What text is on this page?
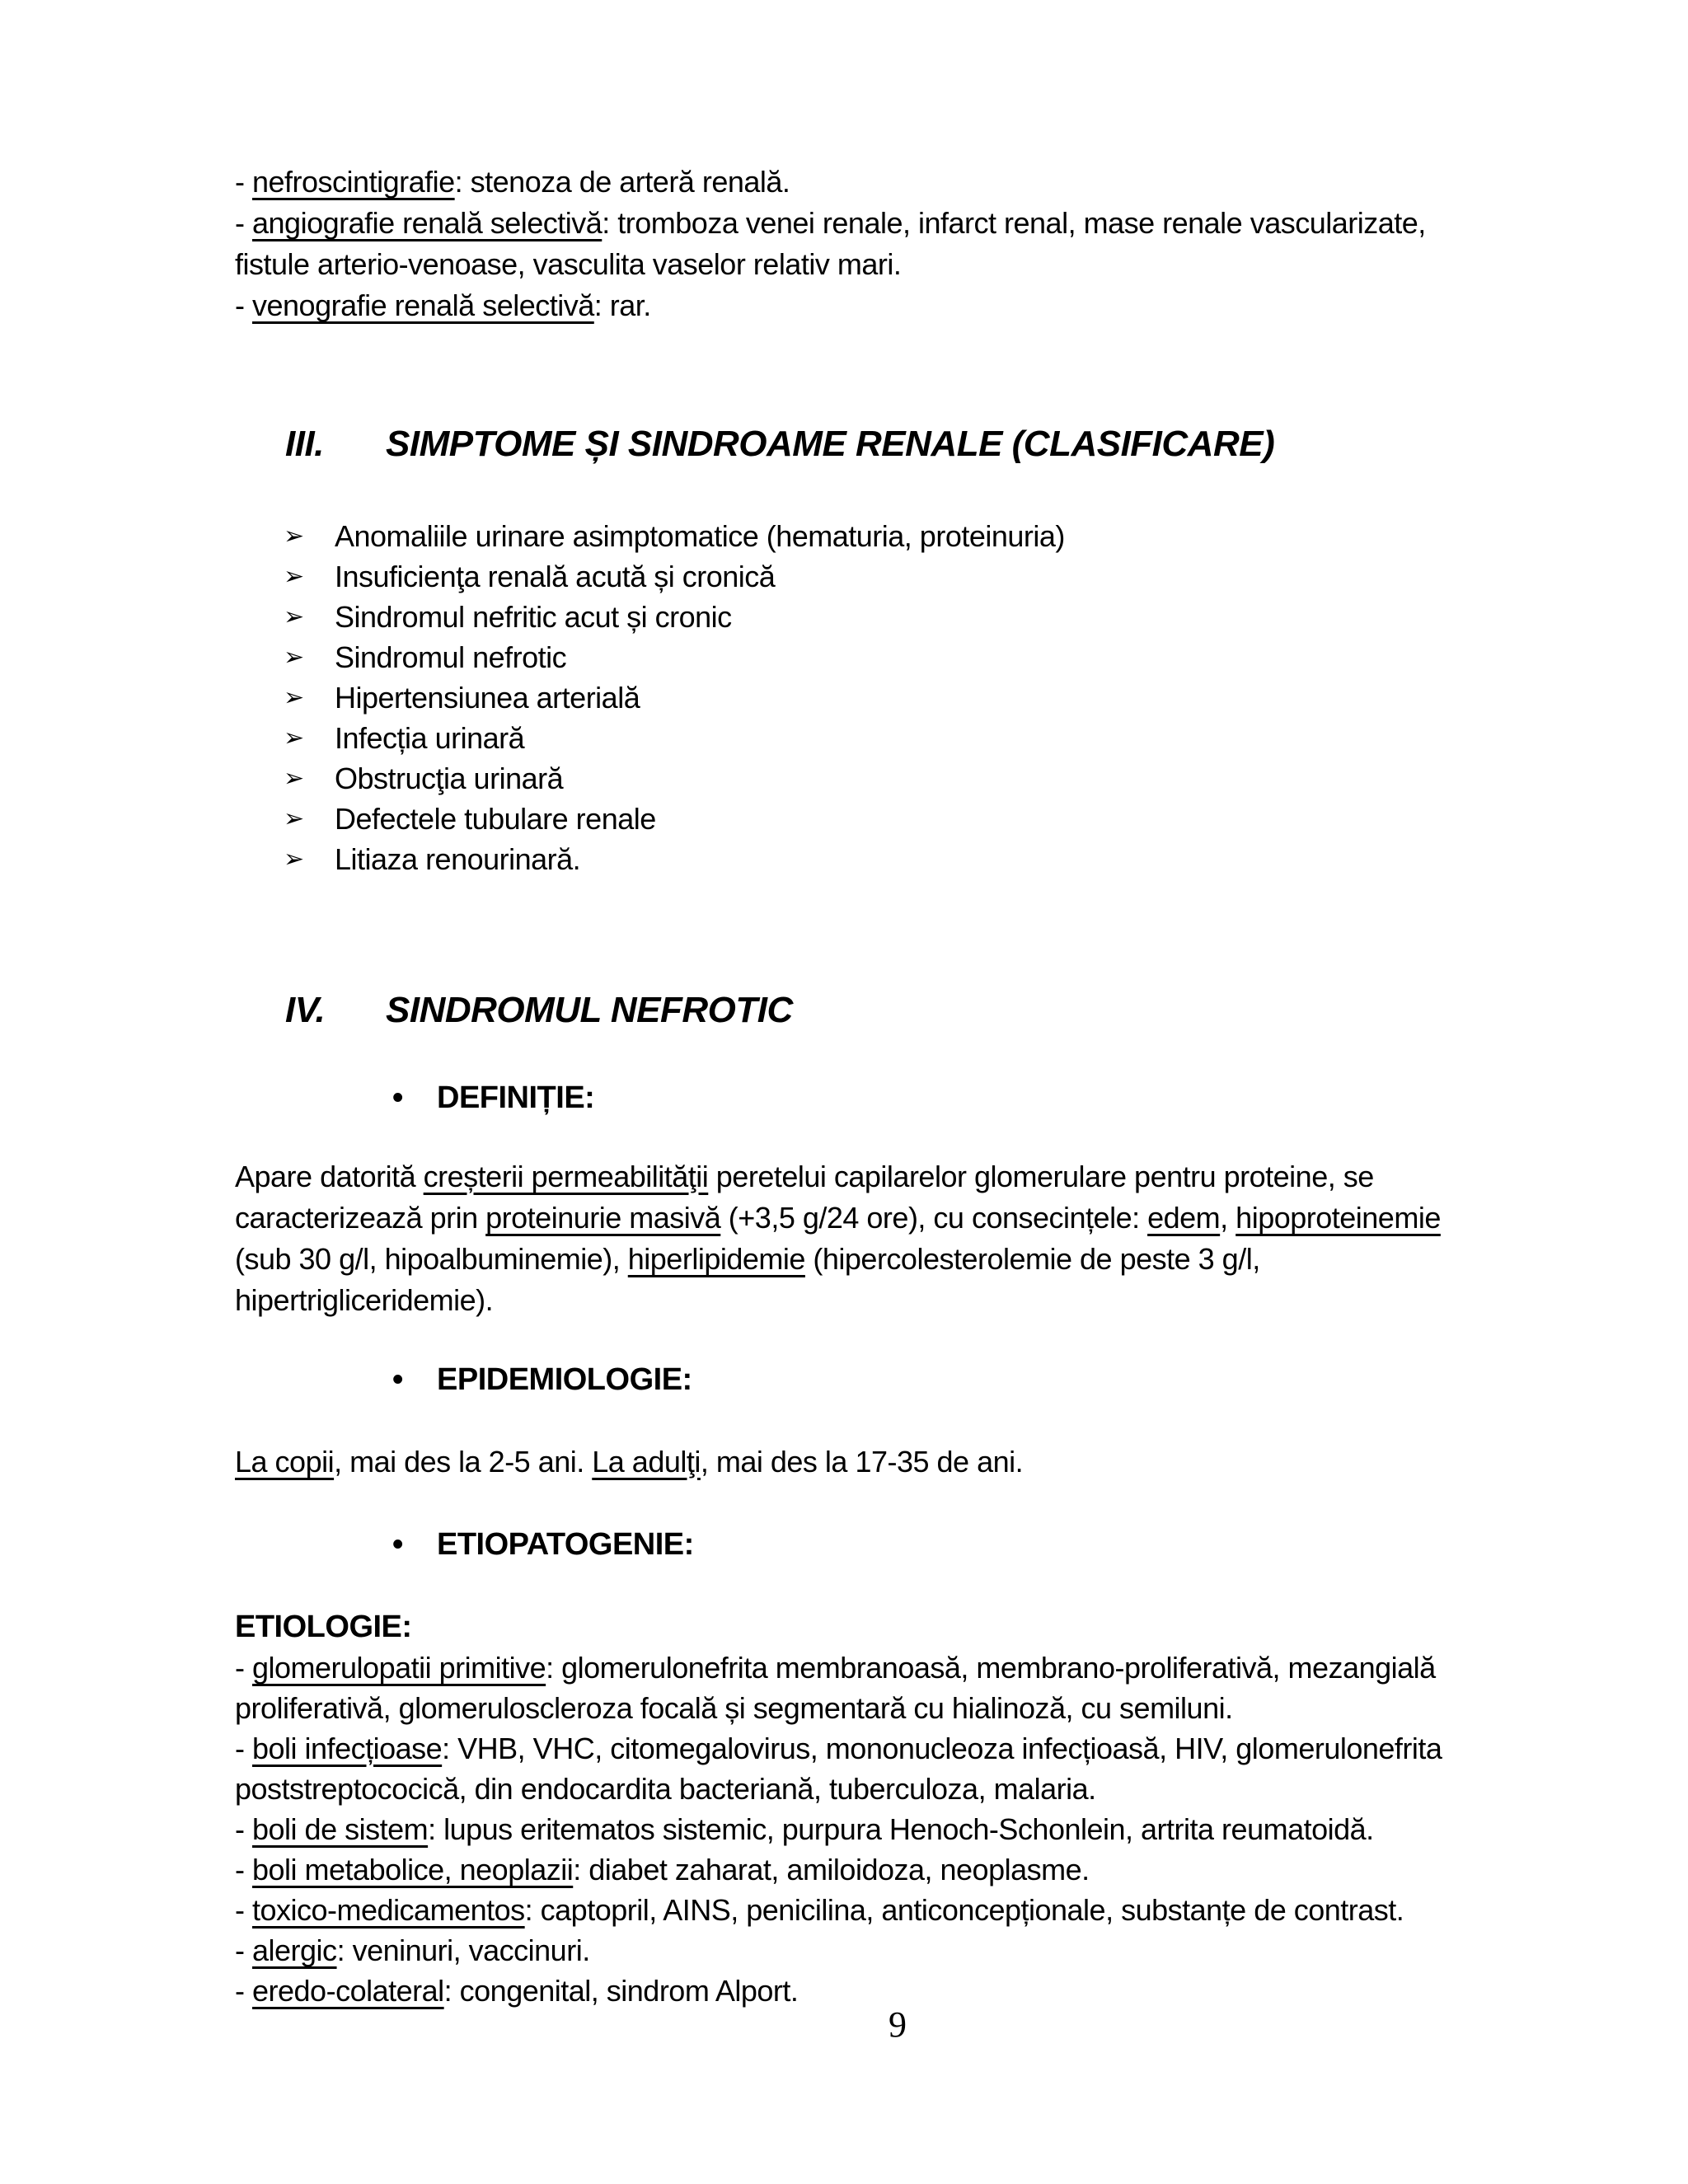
- nefroscintigrafie: stenoza de arteră renală.
- angiografie renală selectivă: tromboza venei renale, infarct renal, mase renale vascularizate,
fistule arterio-venoase, vasculita vaselor relativ mari.
- venografie renală selectivă: rar.
III.	SIMPTOME ȘI SINDROAME RENALE (CLASIFICARE)
➢	Anomaliile urinare asimptomatice (hematuria, proteinuria)
➢	Insuficienţa renală acută și cronică
➢	Sindromul nefritic acut și cronic
➢	Sindromul nefrotic
➢	Hipertensiunea arterială
➢	Infecția urinară
➢	Obstrucţia urinară
➢	Defectele tubulare renale
➢	Litiaza renourinară.
IV.	SINDROMUL NEFROTIC
•	DEFINIȚIE:
Apare datorită creșterii permeabilităţii peretelui capilarelor glomerulare pentru proteine, se
caracterizează prin proteinurie masivă (+3,5 g/24 ore), cu consecințele: edem, hipoproteinemie
(sub 30 g/l, hipoalbuminemie), hiperlipidemie (hipercolesterolemie de peste 3 g/l,
hipertrigliceridemie).
•	EPIDEMIOLOGIE:
La copii, mai des la 2-5 ani. La adulţi, mai des la 17-35 de ani.
•	ETIOPATOGENIE:
ETIOLOGIE:
- glomerulopatii primitive: glomerulonefrita membranoasă, membrano-proliferativă, mezangială
proliferativă, glomeruloscleroza focală și segmentară cu hialinoză, cu semiluni.
- boli infecțioase: VHB, VHC, citomegalovirus, mononucleoza infecțioasă, HIV, glomerulonefrita
poststreptococică, din endocardita bacteriană, tuberculoza, malaria.
- boli de sistem: lupus eritematos sistemic, purpura Henoch-Schonlein, artrita reumatoidă.
- boli metabolice, neoplazii: diabet zaharat, amiloidoza, neoplasme.
- toxico-medicamentos: captopril, AINS, penicilina, anticoncepționale, substanțe de contrast.
- alergic: veninuri, vaccinuri.
- eredo-colateral: congenital, sindrom Alport.
9
